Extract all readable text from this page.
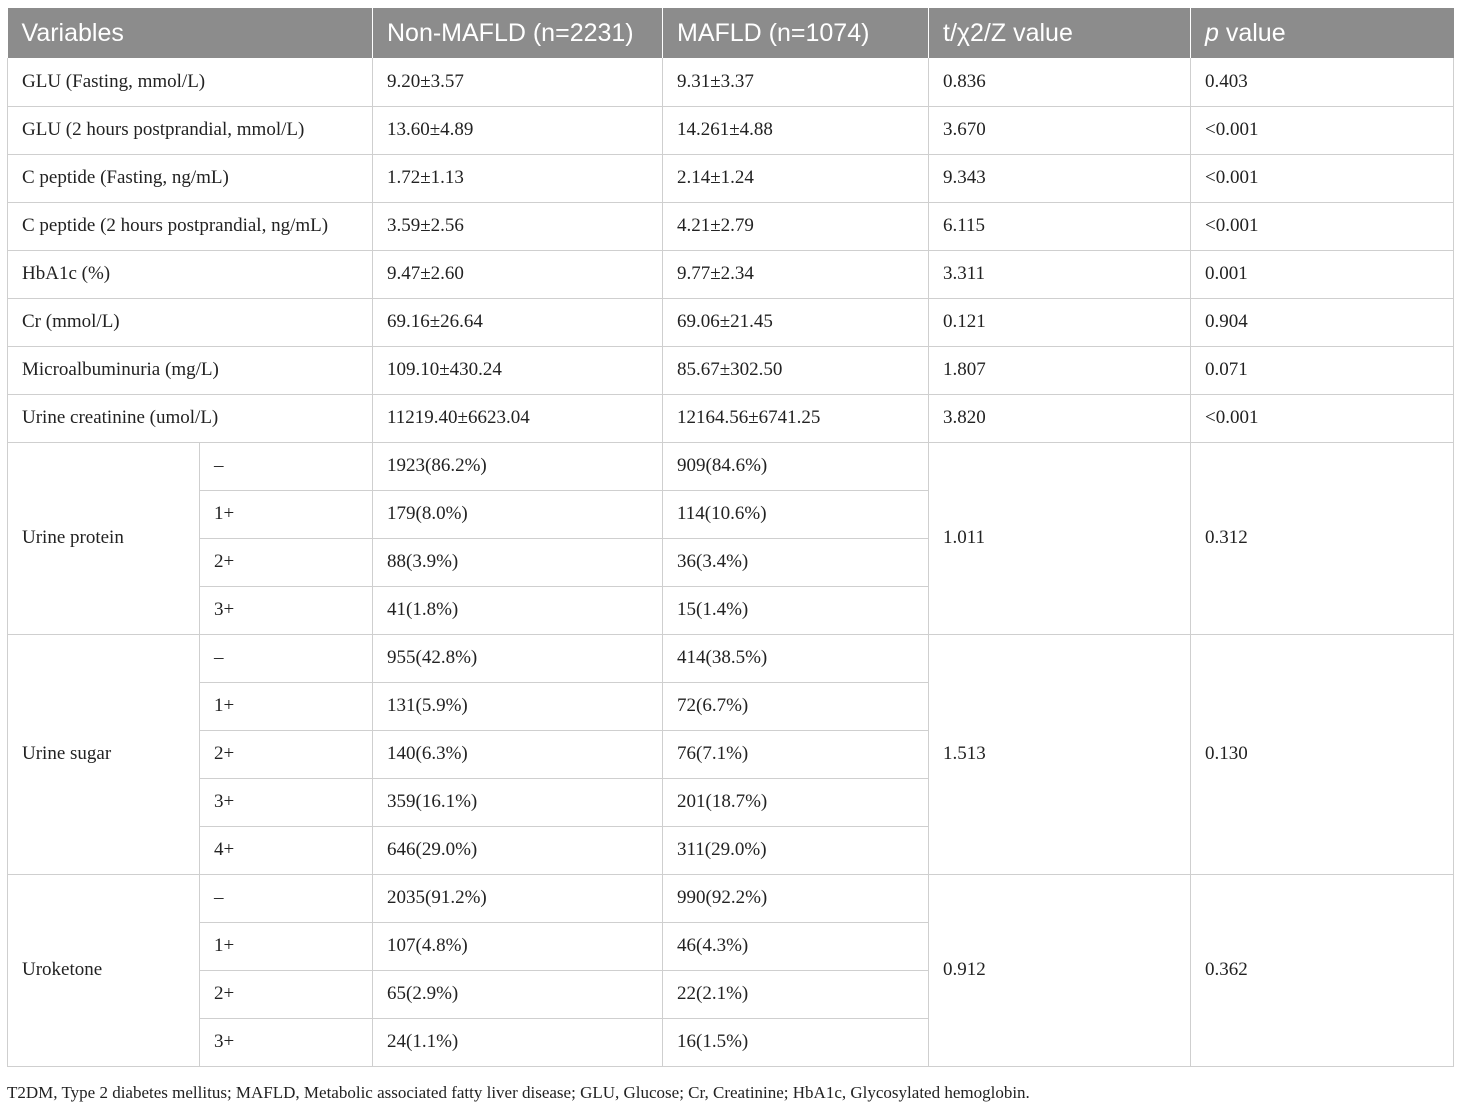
Variables		Non-MAFLD (n=2231)	MAFLD (n=1074)	t/χ2/Z value	p value
GLU (Fasting, mmol/L)		9.20±3.57	9.31±3.37	0.836	0.403
GLU (2 hours postprandial, mmol/L)		13.60±4.89	14.261±4.88	3.670	<0.001
C peptide (Fasting, ng/mL)		1.72±1.13	2.14±1.24	9.343	<0.001
C peptide (2 hours postprandial, ng/mL)		3.59±2.56	4.21±2.79	6.115	<0.001
HbA1c (%)		9.47±2.60	9.77±2.34	3.311	0.001
Cr (mmol/L)		69.16±26.64	69.06±21.45	0.121	0.904
Microalbuminuria (mg/L)		109.10±430.24	85.67±302.50	1.807	0.071
Urine creatinine (umol/L)		11219.40±6623.04	12164.56±6741.25	3.820	<0.001
Urine protein	–	1923(86.2%)	909(84.6%)	1.011	0.312
	1+	179(8.0%)	114(10.6%)		
	2+	88(3.9%)	36(3.4%)		
	3+	41(1.8%)	15(1.4%)		
Urine sugar	–	955(42.8%)	414(38.5%)	1.513	0.130
	1+	131(5.9%)	72(6.7%)		
	2+	140(6.3%)	76(7.1%)		
	3+	359(16.1%)	201(18.7%)		
	4+	646(29.0%)	311(29.0%)		
Uroketone	–	2035(91.2%)	990(92.2%)	0.912	0.362
	1+	107(4.8%)	46(4.3%)		
	2+	65(2.9%)	22(2.1%)		
	3+	24(1.1%)	16(1.5%)		
T2DM, Type 2 diabetes mellitus; MAFLD, Metabolic associated fatty liver disease; GLU, Glucose; Cr, Creatinine; HbA1c, Glycosylated hemoglobin.
